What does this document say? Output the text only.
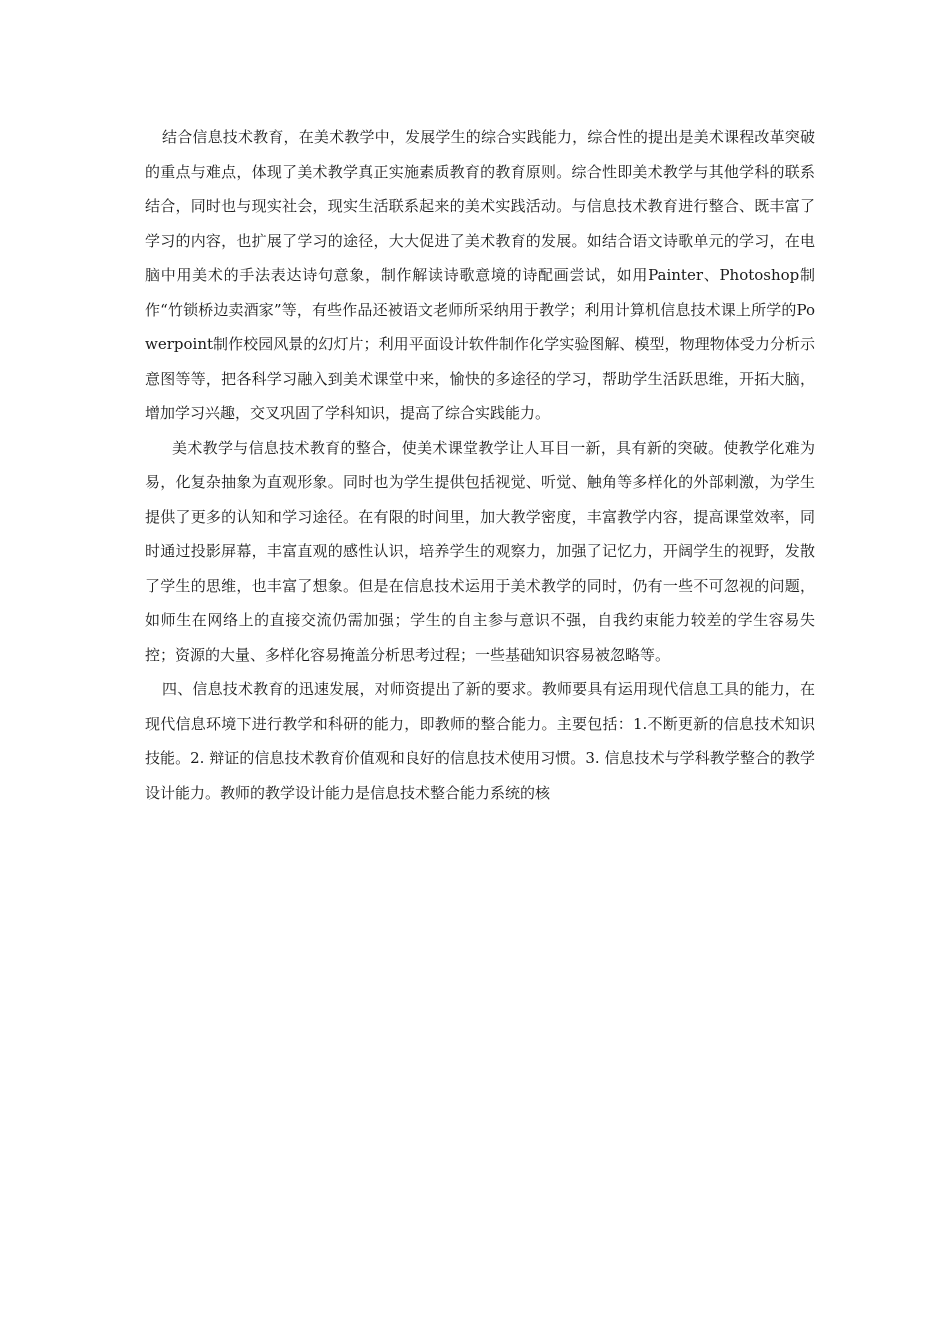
结合信息技术教育，在美术教学中，发展学生的综合实践能力，综合性的提出是美术课程改革突破的重点与难点，体现了美术教学真正实施素质教育的教育原则。综合性即美术教学与其他学科的联系结合，同时也与现实社会，现实生活联系起来的美术实践活动。与信息技术教育进行整合、既丰富了学习的内容，也扩展了学习的途径，大大促进了美术教育的发展。如结合语文诗歌单元的学习，在电脑中用美术的手法表达诗句意象，制作解读诗歌意境的诗配画尝试，如用Painter、Photoshop制作“竹锁桥边卖酒家”等，有些作品还被语文老师所采纳用于教学；利用计算机信息技术课上所学的Powerpoint制作校园风景的幻灯片；利用平面设计软件制作化学实验图解、模型，物理物体受力分析示意图等等，把各科学习融入到美术课堂中来，愉快的多途径的学习，帮助学生活跃思维，开拓大脑，增加学习兴趣，交叉巩固了学科知识，提高了综合实践能力。

美术教学与信息技术教育的整合，使美术课堂教学让人耳目一新，具有新的突破。使教学化难为易，化复杂抽象为直观形象。同时也为学生提供包括视觉、听觉、触角等多样化的外部刺激，为学生提供了更多的认知和学习途径。在有限的时间里，加大教学密度，丰富教学内容，提高课堂效率，同时通过投影屏幕，丰富直观的感性认识，培养学生的观察力，加强了记忆力，开阔学生的视野，发散了学生的思维，也丰富了想象。但是在信息技术运用于美术教学的同时，仍有一些不可忽视的问题，如师生在网络上的直接交流仍需加强；学生的自主参与意识不强，自我约束能力较差的学生容易失控；资源的大量、多样化容易掩盖分析思考过程；一些基础知识容易被忽略等。

四、信息技术教育的迅速发展，对师资提出了新的要求。教师要具有运用现代信息工具的能力，在现代信息环境下进行教学和科研的能力，即教师的整合能力。主要包括：1.不断更新的信息技术知识技能。2. 辩证的信息技术教育价值观和良好的信息技术使用习惯。3. 信息技术与学科教学整合的教学设计能力。教师的教学设计能力是信息技术整合能力系统的核
